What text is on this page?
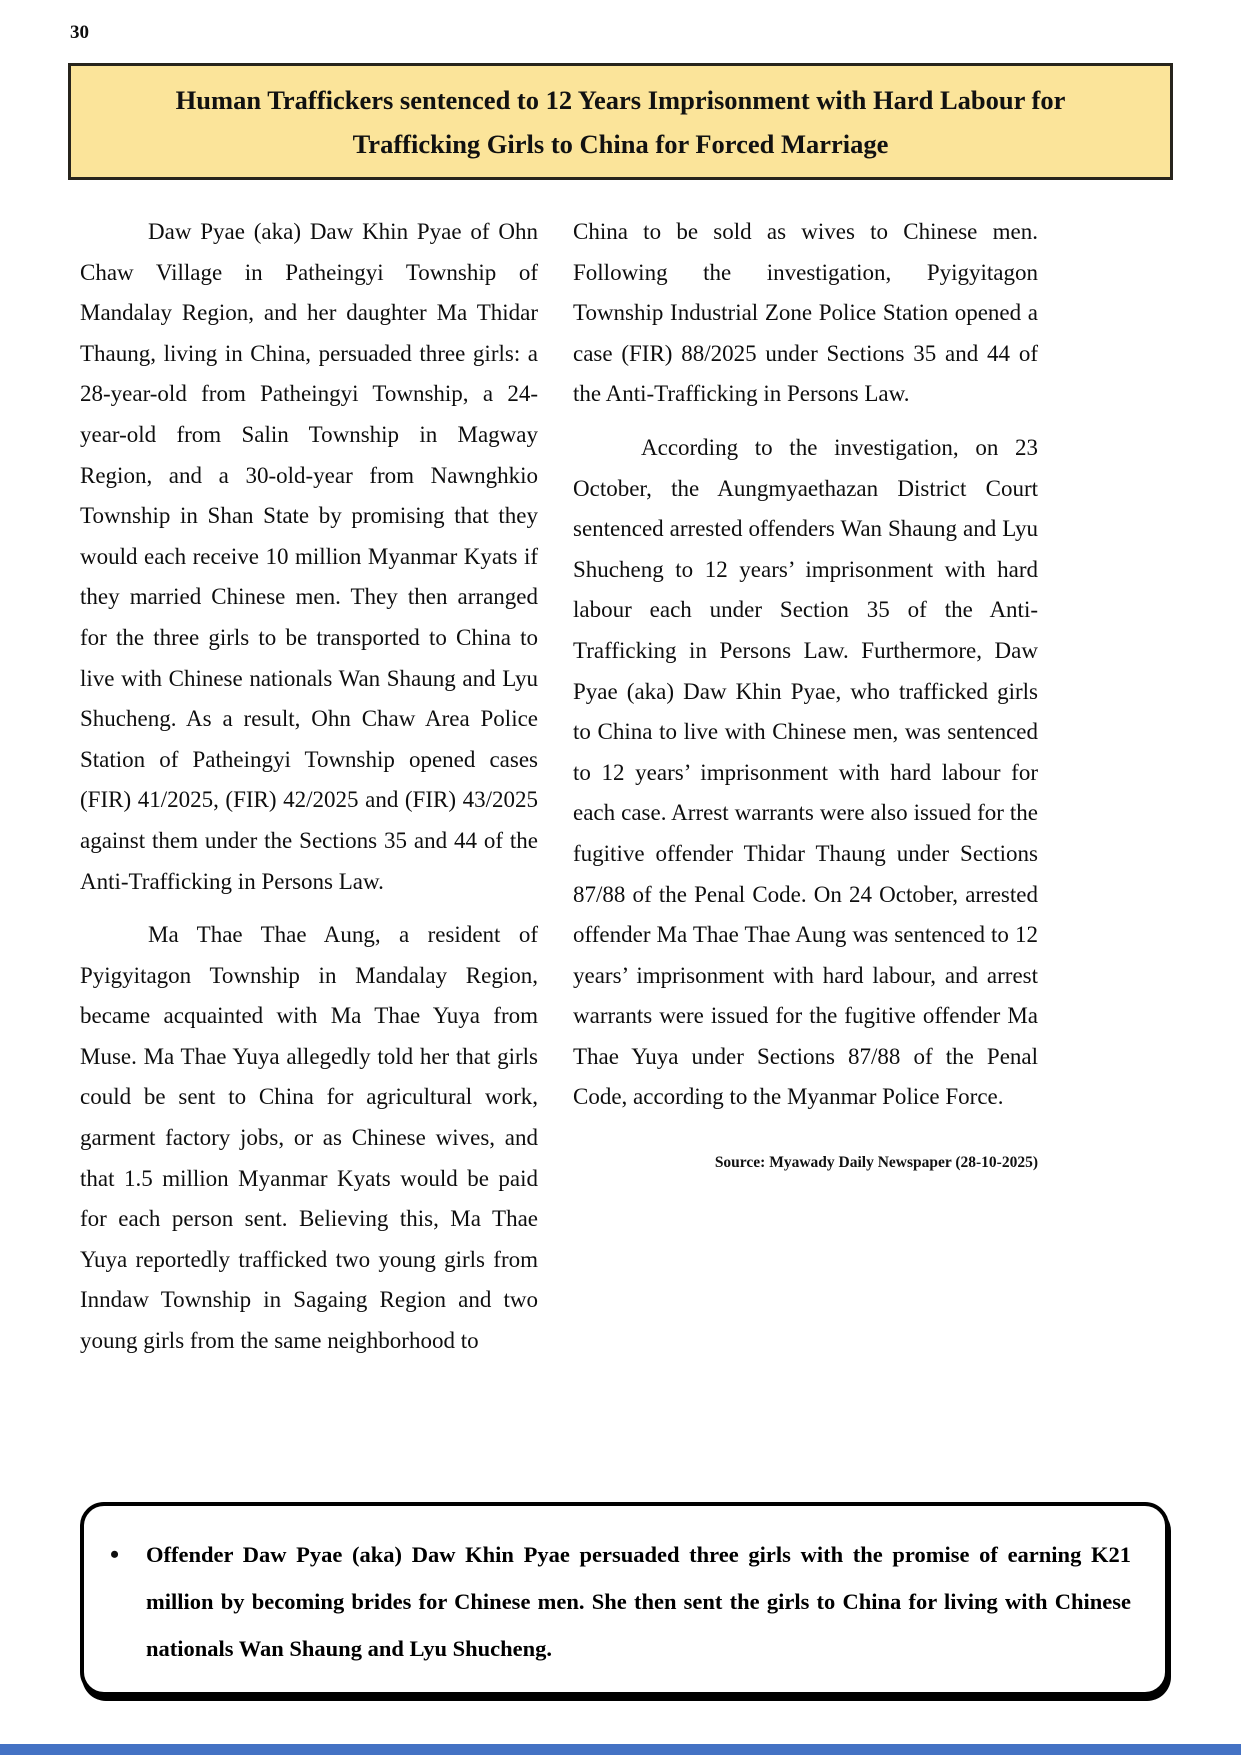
30
Human Traffickers sentenced to 12 Years Imprisonment with Hard Labour for Trafficking Girls to China for Forced Marriage

Daw Pyae (aka) Daw Khin Pyae of Ohn Chaw Village in Patheingyi Township of Mandalay Region, and her daughter Ma Thidar Thaung, living in China, persuaded three girls: a 28-year-old from Patheingyi Township, a 24-year-old from Salin Township in Magway Region, and a 30-old-year from Nawnghkio Township in Shan State by promising that they would each receive 10 million Myanmar Kyats if they married Chinese men. They then arranged for the three girls to be transported to China to live with Chinese nationals Wan Shaung and Lyu Shucheng. As a result, Ohn Chaw Area Police Station of Patheingyi Township opened cases (FIR) 41/2025, (FIR) 42/2025 and (FIR) 43/2025 against them under the Sections 35 and 44 of the Anti-Trafficking in Persons Law.

Ma Thae Thae Aung, a resident of Pyigyitagon Township in Mandalay Region, became acquainted with Ma Thae Yuya from Muse. Ma Thae Yuya allegedly told her that girls could be sent to China for agricultural work, garment factory jobs, or as Chinese wives, and that 1.5 million Myanmar Kyats would be paid for each person sent. Believing this, Ma Thae Yuya reportedly trafficked two young girls from Inndaw Township in Sagaing Region and two young girls from the same neighborhood to

China to be sold as wives to Chinese men. Following the investigation, Pyigyitagon Township Industrial Zone Police Station opened a case (FIR) 88/2025 under Sections 35 and 44 of the Anti-Trafficking in Persons Law.

According to the investigation, on 23 October, the Aungmyaethazan District Court sentenced arrested offenders Wan Shaung and Lyu Shucheng to 12 years’ imprisonment with hard labour each under Section 35 of the Anti-Trafficking in Persons Law. Furthermore, Daw Pyae (aka) Daw Khin Pyae, who trafficked girls to China to live with Chinese men, was sentenced to 12 years’ imprisonment with hard labour for each case. Arrest warrants were also issued for the fugitive offender Thidar Thaung under Sections 87/88 of the Penal Code. On 24 October, arrested offender Ma Thae Thae Aung was sentenced to 12 years’ imprisonment with hard labour, and arrest warrants were issued for the fugitive offender Ma Thae Yuya under Sections 87/88 of the Penal Code, according to the Myanmar Police Force.

Source: Myawady Daily Newspaper (28-10-2025)
•	Offender Daw Pyae (aka) Daw Khin Pyae persuaded three girls with the promise of earning K21 million by becoming brides for Chinese men. She then sent the girls to China for living with Chinese nationals Wan Shaung and Lyu Shucheng.
